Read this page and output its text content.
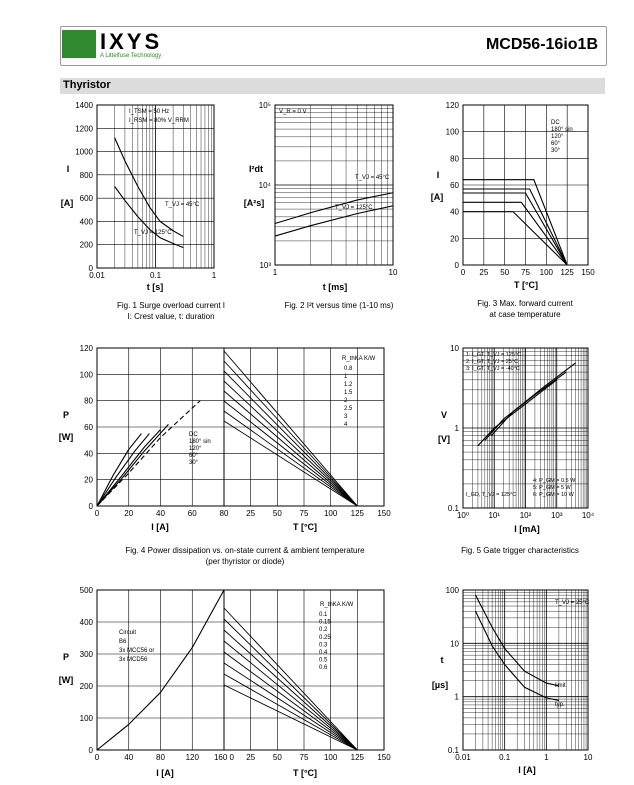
IXYS
A Littelfuse Technology
MCD56-16io1B
Thyristor
0
200
400
600
800
1000
1200
1400
0.01	0.1	1
I_TSM = 50 Hz
I_RSM = 80% V_RRM
T_VJ = 45°C
T_VJ = 125°C
I
[A]
t [s]
10³
10⁴
10⁵
1	10
V_R = 0 V
T_VJ = 45°C
T_VJ = 125°C
I²dt
[A²s]
t [ms]
0
20
40
60
80
100
120
0 25 50 75 100 125 150
DC
180° sin
120°
60°
30°
I
[A]
T [°C]
0
20
40
60
80
100
120
0	20	40	60	80 25 50 75 100 125 150
DC
180° sin
120°
60°
30°
0.8
1
1.2
1.5
2
2.5
3
4
R_thKA K/W
P
[W]
I [A]	T [°C]
0.1
1
10
10⁰ 10¹ 10² 10³ 10⁴
1: I_GT, T_VJ = 125°C
2: I_GT, T_VJ = 25°C
3: I_GT, T_VJ = -40°C
4: P_GM = 0.5 W
5: P_GM = 5 W
6: P_GM = 10 W
I_GD, T_VJ = 125°C
V
[V]
I [mA]
0
100
200
300
400
500
0	40	80	120 160 0 25 50 75 100 125 150
Circuit
B6
3x MCC56 or
3x MCD56
0.1
0.15
0.2
0.25
0.3
0.4
0.5
0.6
R_thKA K/W
P
[W]
I [A]	T [°C]
0.1
1
10
100
0.01	0.1	1	10
T_VJ = 25°C
limit
typ.
t
[µs]
I [A]
Fig. 1 Surge overload current I
I: Crest value, t: duration
Fig. 2 I²t versus time (1-10 ms)	Fig. 3 Max. forward current
at case temperature
Fig. 4 Power dissipation vs. on-state current & ambient temperature
(per thyristor or diode)
Fig. 5 Gate trigger characteristics
